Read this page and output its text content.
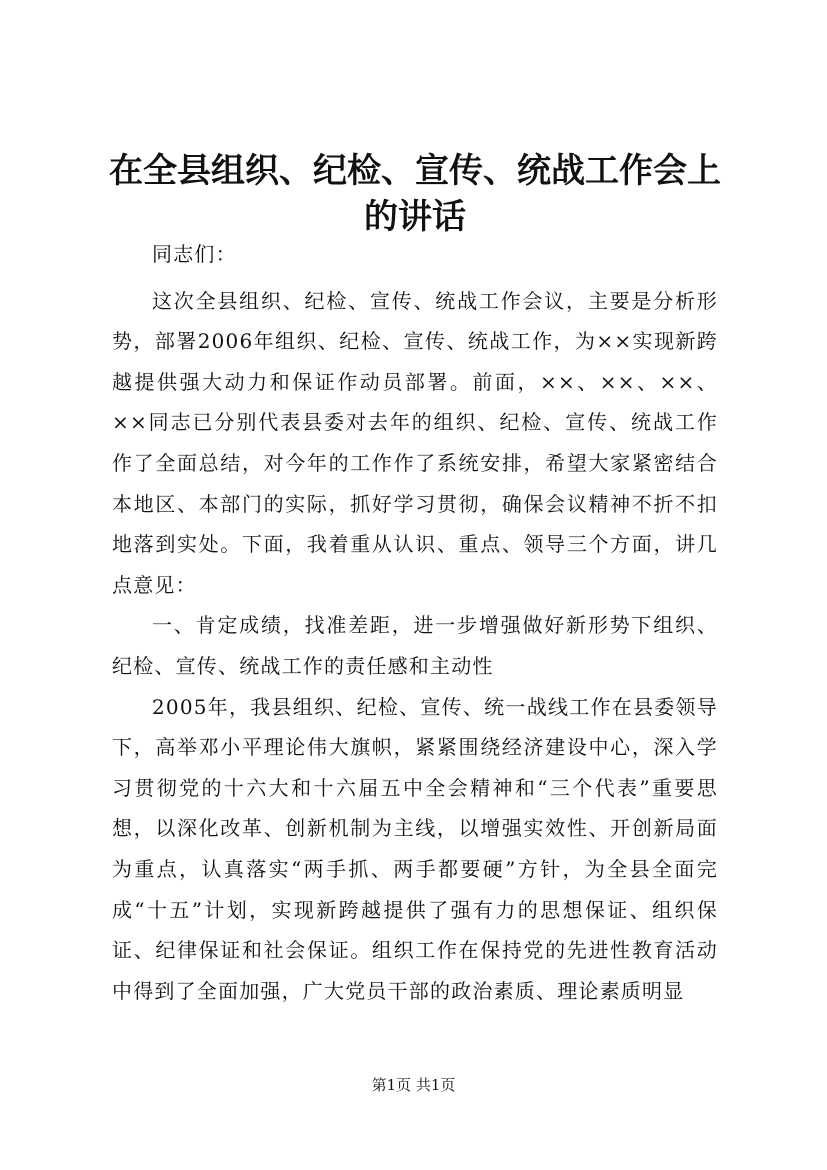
在全县组织、纪检、宣传、统战工作会上的讲话

同志们：

这次全县组织、纪检、宣传、统战工作会议，主要是分析形势，部署2006年组织、纪检、宣传、统战工作，为××实现新跨越提供强大动力和保证作动员部署。前面，××、××、××、××同志已分别代表县委对去年的组织、纪检、宣传、统战工作作了全面总结，对今年的工作作了系统安排，希望大家紧密结合本地区、本部门的实际，抓好学习贯彻，确保会议精神不折不扣地落到实处。下面，我着重从认识、重点、领导三个方面，讲几点意见：

一、肯定成绩，找准差距，进一步增强做好新形势下组织、纪检、宣传、统战工作的责任感和主动性

2005年，我县组织、纪检、宣传、统一战线工作在县委领导下，高举邓小平理论伟大旗帜，紧紧围绕经济建设中心，深入学习贯彻党的十六大和十六届五中全会精神和“三个代表”重要思想，以深化改革、创新机制为主线，以增强实效性、开创新局面为重点，认真落实“两手抓、两手都要硬”方针，为全县全面完成“十五”计划，实现新跨越提供了强有力的思想保证、组织保证、纪律保证和社会保证。组织工作在保持党的先进性教育活动中得到了全面加强，广大党员干部的政治素质、理论素质明显

第1页 共1页
